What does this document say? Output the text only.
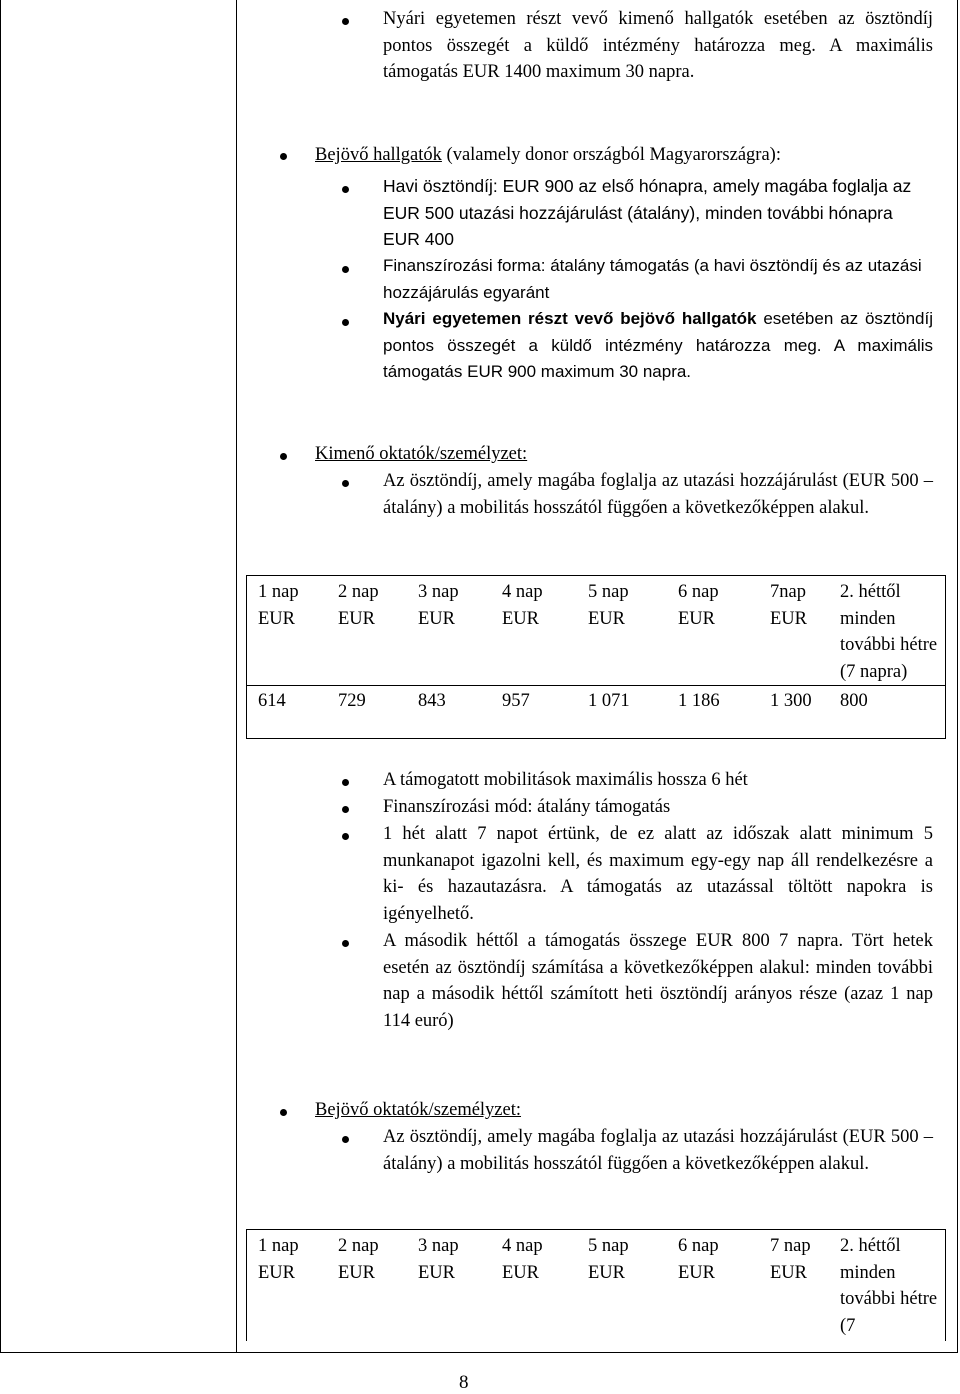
Nyári egyetemen részt vevő kimenő hallgatók esetében az ösztöndíj pontos összegét a küldő intézmény határozza meg. A maximális támogatás EUR 1400 maximum 30 napra.
Bejövő hallgatók (valamely donor országból Magyarországra):
Havi ösztöndíj: EUR 900 az első hónapra, amely magába foglalja az EUR 500 utazási hozzájárulást (átalány), minden további hónapra EUR 400
Finanszírozási forma: átalány támogatás (a havi ösztöndíj és az utazási hozzájárulás egyaránt
Nyári egyetemen részt vevő bejövő hallgatók esetében az ösztöndíj pontos összegét a küldő intézmény határozza meg. A maximális támogatás EUR 900 maximum 30 napra.
Kimenő oktatók/személyzet:
Az ösztöndíj, amely magába foglalja az utazási hozzájárulást (EUR 500 – átalány) a mobilitás hosszától függően a következőképpen alakul.
1 nap EUR	2 nap EUR	3 nap EUR	4 nap EUR	5 nap EUR	6 nap EUR	7nap EUR	2. héttől minden további hétre (7 napra)
614	729	843	957	1 071	1 186	1 300	800
A támogatott mobilitások maximális hossza 6 hét
Finanszírozási mód: átalány támogatás
1 hét alatt 7 napot értünk, de ez alatt az időszak alatt minimum 5 munkanapot igazolni kell, és maximum egy-egy nap áll rendelkezésre a ki- és hazautazásra. A támogatás az utazással töltött napokra is igényelhető.
A második héttől a támogatás összege EUR 800 7 napra. Tört hetek esetén az ösztöndíj számítása a következőképpen alakul: minden további nap a második héttől számított heti ösztöndíj arányos része (azaz 1 nap 114 euró)
Bejövő oktatók/személyzet:
Az ösztöndíj, amely magába foglalja az utazási hozzájárulást (EUR 500 – átalány) a mobilitás hosszától függően a következőképpen alakul.
1 nap EUR	2 nap EUR	3 nap EUR	4 nap EUR	5 nap EUR	6 nap EUR	7 nap EUR	2. héttől minden további hétre (7
8
